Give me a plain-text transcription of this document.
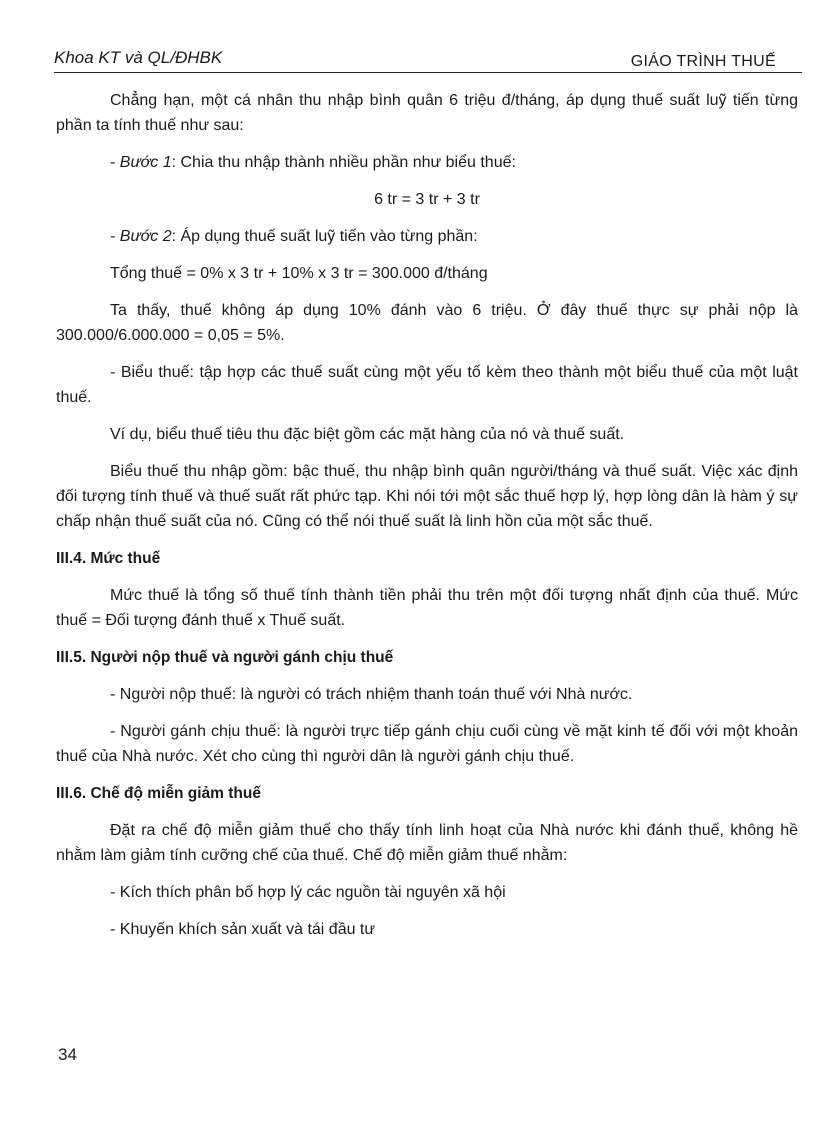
Khoa KT và QL/ĐHBK	GIÁO TRÌNH THUẾ

Chẳng hạn, một cá nhân thu nhập bình quân 6 triệu đ/tháng, áp dụng thuế suất luỹ tiến từng phần ta tính thuế như sau:

- Bước 1: Chia thu nhập thành nhiều phần như biểu thuế:

6 tr = 3 tr + 3 tr

- Bước 2: Áp dụng thuế suất luỹ tiến vào từng phần:

Tổng thuế = 0% x 3 tr + 10% x 3 tr = 300.000 đ/tháng

Ta thấy, thuế không áp dụng 10% đánh vào 6 triệu. Ở đây thuế thực sự phải nộp là 300.000/6.000.000 = 0,05 = 5%.

- Biểu thuế: tập hợp các thuế suất cùng một yếu tố kèm theo thành một biểu thuế của một luật thuế.

Ví dụ, biểu thuế tiêu thu đặc biệt gồm các mặt hàng của nó và thuế suất.

Biểu thuế thu nhập gồm: bậc thuế, thu nhập bình quân người/tháng và thuế suất. Việc xác định đối tượng tính thuế và thuế suất rất phức tạp. Khi nói tới một sắc thuế hợp lý, hợp lòng dân là hàm ý sự chấp nhận thuế suất của nó. Cũng có thể nói thuế suất là linh hồn của một sắc thuế.

III.4. Mức thuế

Mức thuế là tổng số thuế tính thành tiền phải thu trên một đối tượng nhất định của thuế. Mức thuế = Đối tượng đánh thuế x Thuế suất.

III.5. Người nộp thuế và người gánh chịu thuế

- Người nộp thuế: là người có trách nhiệm thanh toán thuế với Nhà nước.

- Người gánh chịu thuế: là người trực tiếp gánh chịu cuối cùng về mặt kinh tế đối với một khoản thuế của Nhà nước. Xét cho cùng thì người dân là người gánh chịu thuế.

III.6. Chế độ miễn giảm thuế

Đặt ra chế độ miễn giảm thuế cho thấy tính linh hoạt của Nhà nước khi đánh thuế, không hề nhằm làm giảm tính cưỡng chế của thuế. Chế độ miễn giảm thuế nhằm:

- Kích thích phân bố hợp lý các nguồn tài nguyên xã hội

- Khuyến khích sản xuất và tái đầu tư

34
